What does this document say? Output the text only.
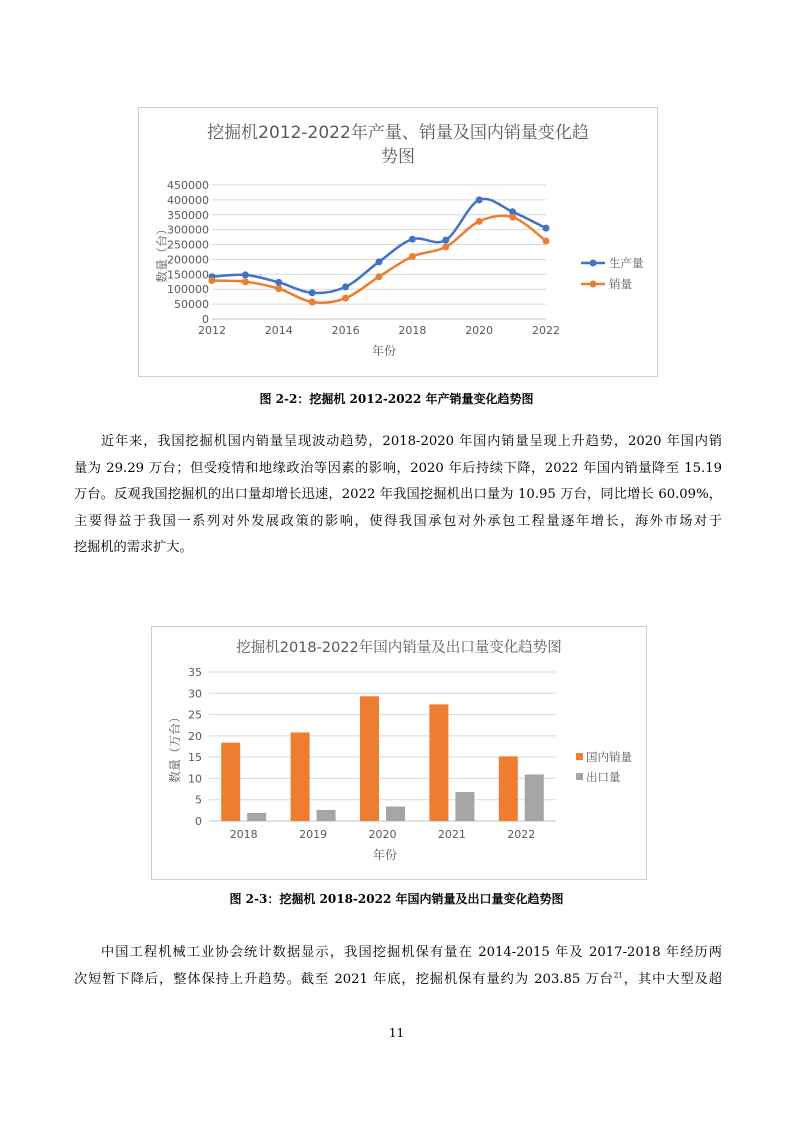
挖掘机2012-2022年产量、销量及国内销量变化趋
势图
0
50000
100000
150000
200000
250000
300000
350000
400000
450000
2012	2014	2016	2018	2020	2022
年份
数量（台）	生产量
销量
图 2-2：挖掘机 2012-2022 年产销量变化趋势图
近年来，我国挖掘机国内销量呈现波动趋势，2018-2020 年国内销量呈现上升趋势，2020 年国内销
量为 29.29 万台；但受疫情和地缘政治等因素的影响，2020 年后持续下降，2022 年国内销量降至 15.19
万台。反观我国挖掘机的出口量却增长迅速，2022 年我国挖掘机出口量为 10.95 万台，同比增长 60.09%，
主要得益于我国一系列对外发展政策的影响，使得我国承包对外承包工程量逐年增长，海外市场对于
挖掘机的需求扩大。
挖掘机2018-2022年国内销量及出口量变化趋势图
0
5
10
15
20
25
30
35
2018	2019	2020	2021	2022
年份
数量（万台）	国内销量
出口量
图 2-3：挖掘机 2018-2022 年国内销量及出口量变化趋势图
中国工程机械工业协会统计数据显示，我国挖掘机保有量在 2014-2015 年及 2017-2018 年经历两
次短暂下降后，整体保持上升趋势。截至 2021 年底，挖掘机保有量约为 203.85 万台$^{21}$，其中大型及超
11
